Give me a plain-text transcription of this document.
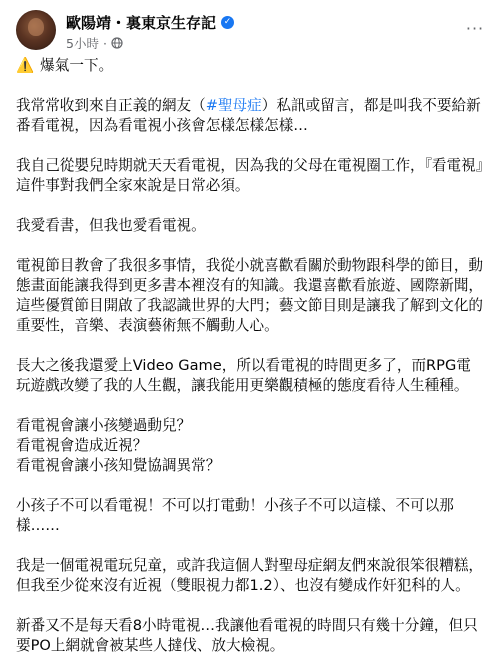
歐陽靖・裏東京生存記 ✓
5小時 ·
···

⚠️ 爆氣一下。

我常常收到來自正義的網友（#聖母症）私訊或留言，都是叫我不要給新番看電視，因為看電視小孩會怎樣怎樣怎樣…

我自己從嬰兒時期就天天看電視，因為我的父母在電視圈工作，『看電視』這件事對我們全家來說是日常必須。

我愛看書，但我也愛看電視。

電視節目教會了我很多事情，我從小就喜歡看關於動物跟科學的節目，動態畫面能讓我得到更多書本裡沒有的知識。我還喜歡看旅遊、國際新聞，這些優質節目開啟了我認識世界的大門；藝文節目則是讓我了解到文化的重要性，音樂、表演藝術無不觸動人心。

長大之後我還愛上Video Game，所以看電視的時間更多了，而RPG電玩遊戲改變了我的人生觀，讓我能用更樂觀積極的態度看待人生種種。

看電視會讓小孩變過動兒？
看電視會造成近視？
看電視會讓小孩知覺協調異常？

小孩子不可以看電視！不可以打電動！小孩子不可以這樣、不可以那樣……

我是一個電視電玩兒童，或許我這個人對聖母症網友們來說很笨很糟糕，但我至少從來沒有近視（雙眼視力都1.2）、也沒有變成作奸犯科的人。

新番又不是每天看8小時電視…我讓他看電視的時間只有幾十分鐘，但只要PO上網就會被某些人撻伐、放大檢視。
